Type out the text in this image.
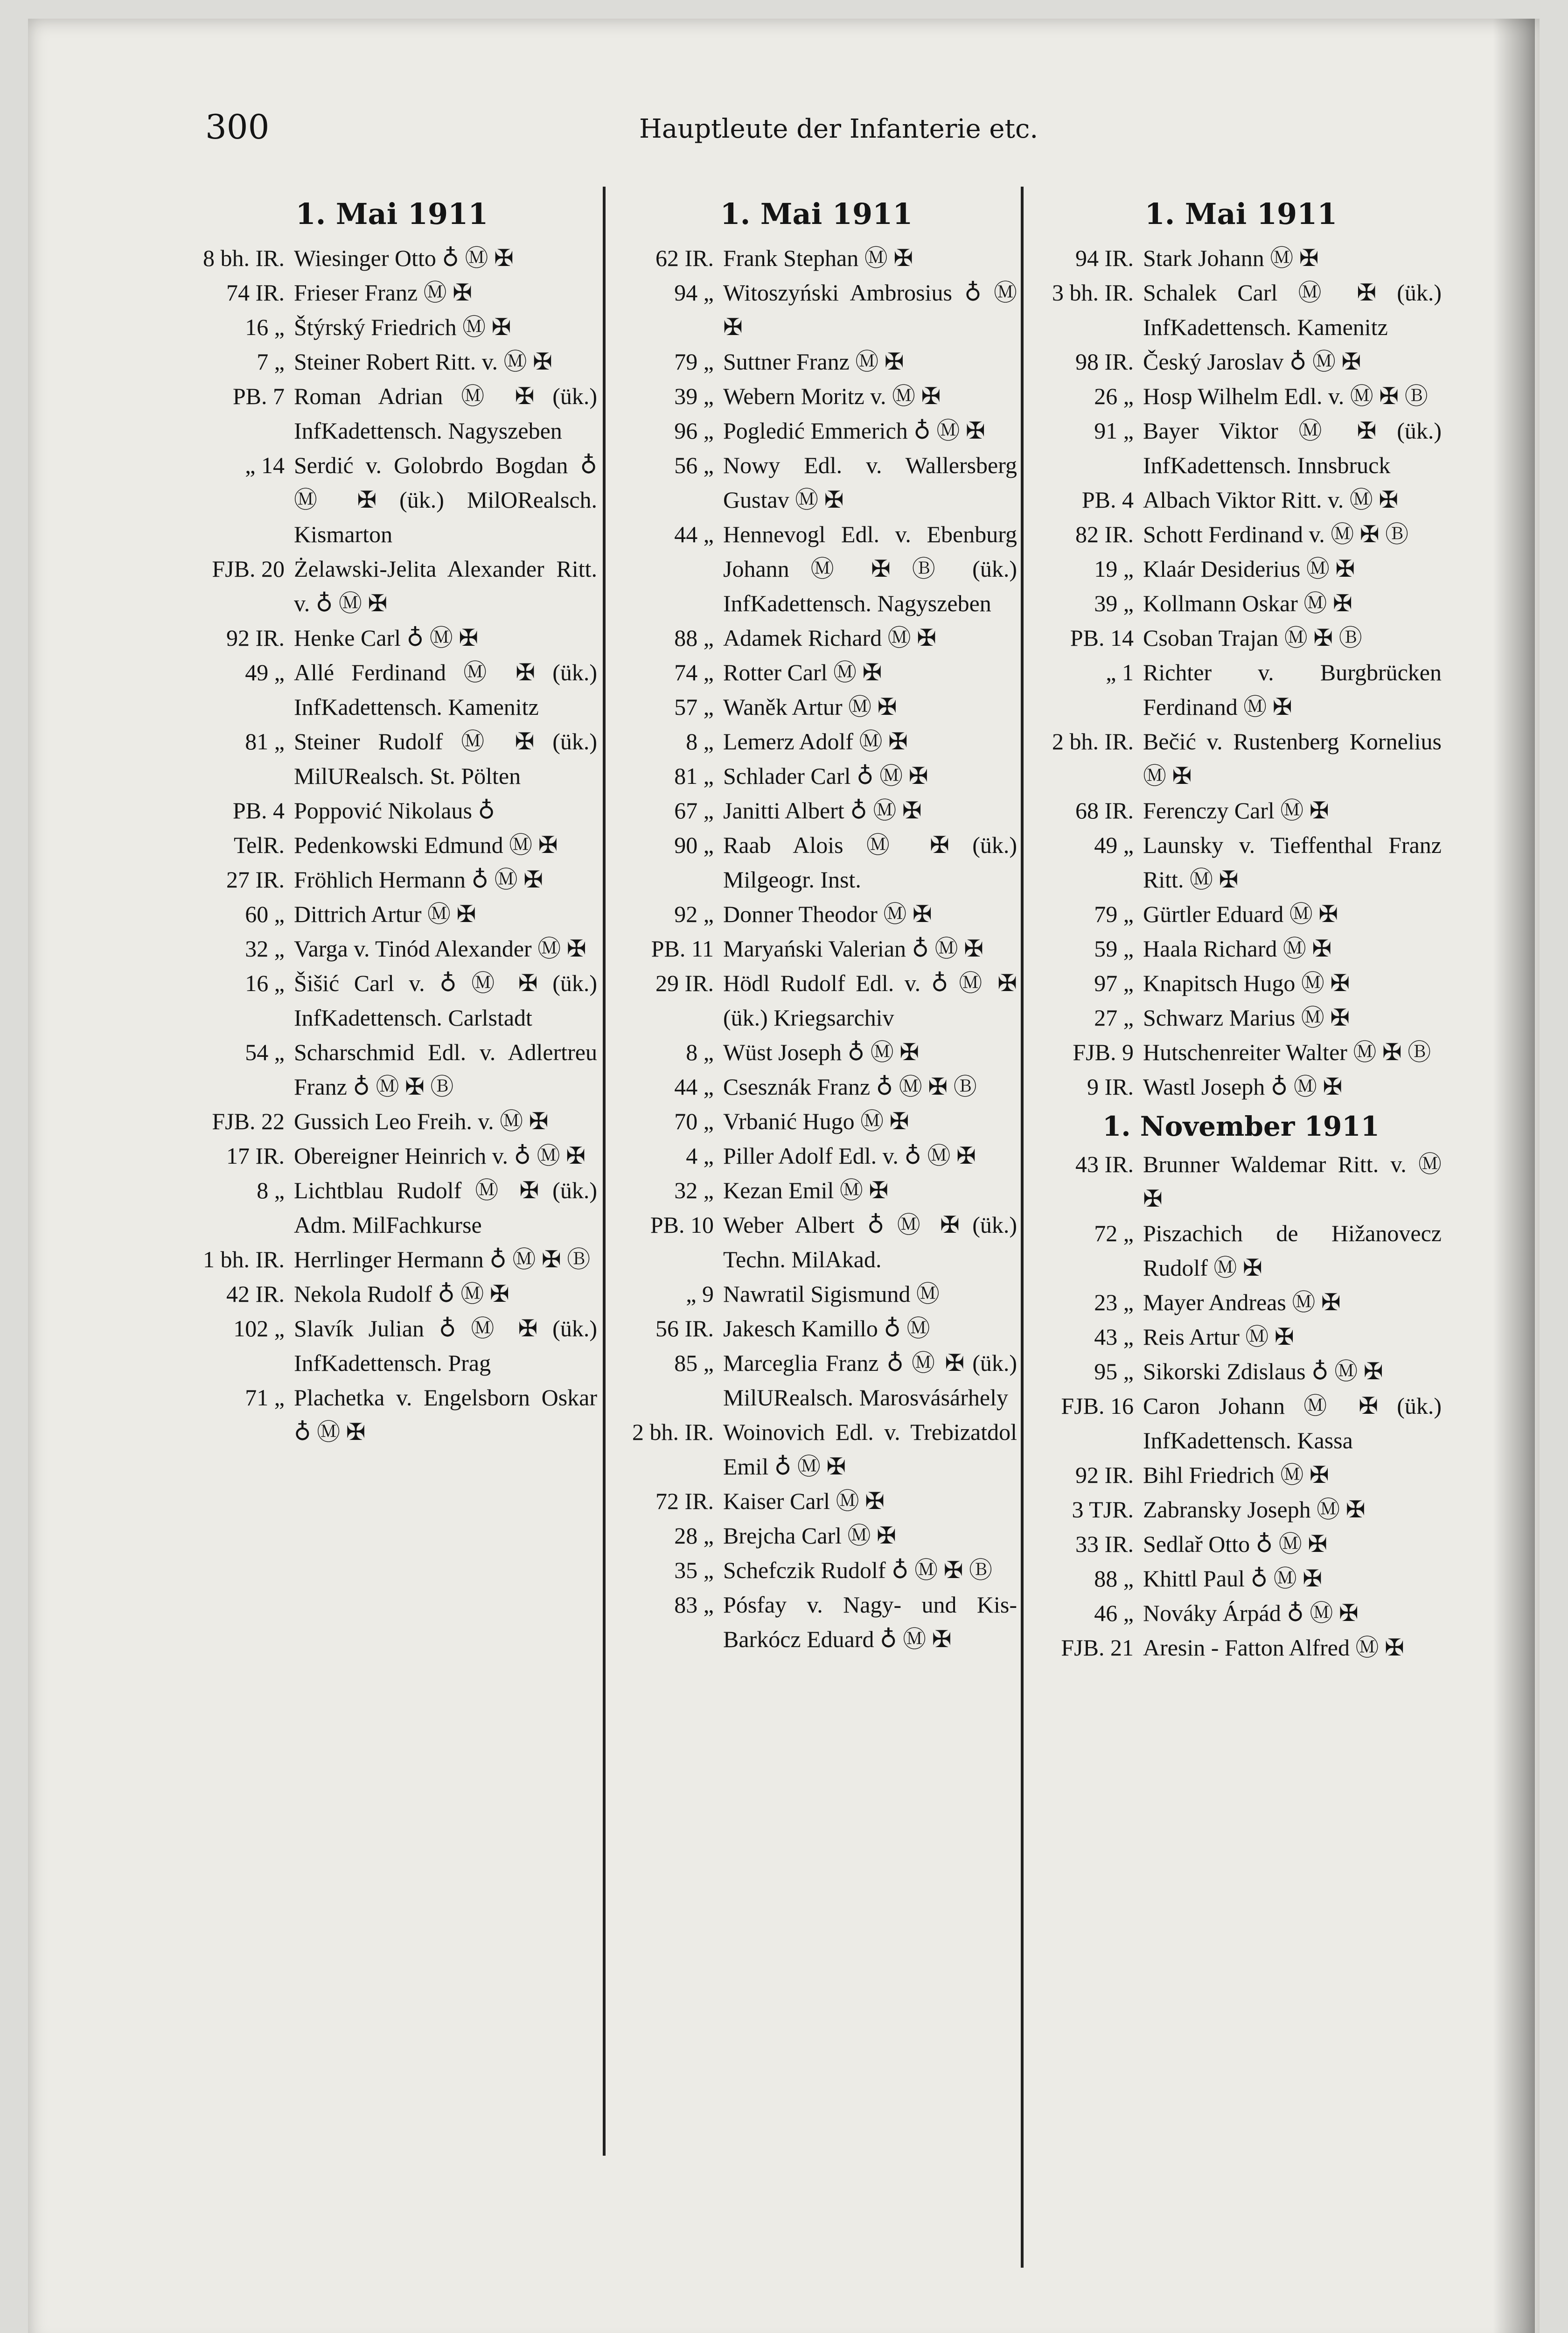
300	Hauptleute der Infanterie etc.
1. Mai 1911
8 bh. IR. Wiesinger Otto ♁ Ⓜ ✠
74 IR. Frieser Franz Ⓜ ✠
16 „ Štýrský Friedrich Ⓜ ✠
7 „ Steiner Robert Ritt. v. Ⓜ ✠
PB. 7 Roman Adrian Ⓜ ✠ (ük.) InfKadettensch. Nagyszeben
„ 14 Serdić v. Golobrdo Bogdan ♁ Ⓜ ✠ (ük.) MilORealsch. Kismarton
FJB. 20 Żelawski-Jelita Alexander Ritt. v. ♁ Ⓜ ✠
92 IR. Henke Carl ♁ Ⓜ ✠
49 „ Allé Ferdinand Ⓜ ✠ (ük.) InfKadettensch. Kamenitz
81 „ Steiner Rudolf Ⓜ ✠ (ük.) MilURealsch. St. Pölten
PB. 4 Poppović Nikolaus ♁
TelR. Pedenkowski Edmund Ⓜ ✠
27 IR. Fröhlich Hermann ♁ Ⓜ ✠
60 „ Dittrich Artur Ⓜ ✠
32 „ Varga v. Tinód Alexander Ⓜ ✠
16 „ Šišić Carl v. ♁ Ⓜ ✠ (ük.) InfKadettensch. Carlstadt
54 „ Scharschmid Edl. v. Adlertreu Franz ♁ Ⓜ ✠ Ⓑ
FJB. 22 Gussich Leo Freih. v. Ⓜ ✠
17 IR. Obereigner Heinrich v. ♁ Ⓜ ✠
8 „ Lichtblau Rudolf Ⓜ ✠ (ük.) Adm. MilFachkurse
1 bh. IR. Herrlinger Hermann ♁ Ⓜ ✠ Ⓑ
42 IR. Nekola Rudolf ♁ Ⓜ ✠
102 „ Slavík Julian ♁ Ⓜ ✠ (ük.) InfKadettensch. Prag
71 „ Plachetka v. Engelsborn Oskar ♁ Ⓜ ✠
1. Mai 1911
62 IR. Frank Stephan Ⓜ ✠
94 „ Witoszyński Ambrosius ♁ Ⓜ ✠
79 „ Suttner Franz Ⓜ ✠
39 „ Webern Moritz v. Ⓜ ✠
96 „ Pogledić Emmerich ♁ Ⓜ ✠
56 „ Nowy Edl. v. Wallersberg Gustav Ⓜ ✠
44 „ Hennevogl Edl. v. Ebenburg Johann Ⓜ ✠ Ⓑ (ük.) InfKadettensch. Nagyszeben
88 „ Adamek Richard Ⓜ ✠
74 „ Rotter Carl Ⓜ ✠
57 „ Waněk Artur Ⓜ ✠
8 „ Lemerz Adolf Ⓜ ✠
81 „ Schlader Carl ♁ Ⓜ ✠
67 „ Janitti Albert ♁ Ⓜ ✠
90 „ Raab Alois Ⓜ ✠ (ük.) Milgeogr. Inst.
92 „ Donner Theodor Ⓜ ✠
PB. 11 Maryański Valerian ♁ Ⓜ ✠
29 IR. Hödl Rudolf Edl. v. ♁ Ⓜ ✠ (ük.) Kriegsarchiv
8 „ Wüst Joseph ♁ Ⓜ ✠
44 „ Csesznák Franz ♁ Ⓜ ✠ Ⓑ
70 „ Vrbanić Hugo Ⓜ ✠
4 „ Piller Adolf Edl. v. ♁ Ⓜ ✠
32 „ Kezan Emil Ⓜ ✠
PB. 10 Weber Albert ♁ Ⓜ ✠ (ük.) Techn. MilAkad.
„ 9 Nawratil Sigismund Ⓜ
56 IR. Jakesch Kamillo ♁ Ⓜ
85 „ Marceglia Franz ♁ Ⓜ ✠ (ük.) MilURealsch. Marosvásárhely
2 bh. IR. Woinovich Edl. v. Trebizatdol Emil ♁ Ⓜ ✠
72 IR. Kaiser Carl Ⓜ ✠
28 „ Brejcha Carl Ⓜ ✠
35 „ Schefczik Rudolf ♁ Ⓜ ✠ Ⓑ
83 „ Pósfay v. Nagy- und Kis-Barkócz Eduard ♁ Ⓜ ✠
1. Mai 1911
94 IR. Stark Johann Ⓜ ✠
3 bh. IR. Schalek Carl Ⓜ ✠ (ük.) InfKadettensch. Kamenitz
98 IR. Český Jaroslav ♁ Ⓜ ✠
26 „ Hosp Wilhelm Edl. v. Ⓜ ✠ Ⓑ
91 „ Bayer Viktor Ⓜ ✠ (ük.) InfKadettensch. Innsbruck
PB. 4 Albach Viktor Ritt. v. Ⓜ ✠
82 IR. Schott Ferdinand v. Ⓜ ✠ Ⓑ
19 „ Klaár Desiderius Ⓜ ✠
39 „ Kollmann Oskar Ⓜ ✠
PB. 14 Csoban Trajan Ⓜ ✠ Ⓑ
„ 1 Richter v. Burgbrücken Ferdinand Ⓜ ✠
2 bh. IR. Bečić v. Rustenberg Kornelius Ⓜ ✠
68 IR. Ferenczy Carl Ⓜ ✠
49 „ Launsky v. Tieffenthal Franz Ritt. Ⓜ ✠
79 „ Gürtler Eduard Ⓜ ✠
59 „ Haala Richard Ⓜ ✠
97 „ Knapitsch Hugo Ⓜ ✠
27 „ Schwarz Marius Ⓜ ✠
FJB. 9 Hutschenreiter Walter Ⓜ ✠ Ⓑ
9 IR. Wastl Joseph ♁ Ⓜ ✠
1. November 1911
43 IR. Brunner Waldemar Ritt. v. Ⓜ ✠
72 „ Piszachich de Hižanovecz Rudolf Ⓜ ✠
23 „ Mayer Andreas Ⓜ ✠
43 „ Reis Artur Ⓜ ✠
95 „ Sikorski Zdislaus ♁ Ⓜ ✠
FJB. 16 Caron Johann Ⓜ ✠ (ük.) InfKadettensch. Kassa
92 IR. Bihl Friedrich Ⓜ ✠
3 TJR. Zabransky Joseph Ⓜ ✠
33 IR. Sedlař Otto ♁ Ⓜ ✠
88 „ Khittl Paul ♁ Ⓜ ✠
46 „ Nováky Árpád ♁ Ⓜ ✠
FJB. 21 Aresin - Fatton Alfred Ⓜ ✠
